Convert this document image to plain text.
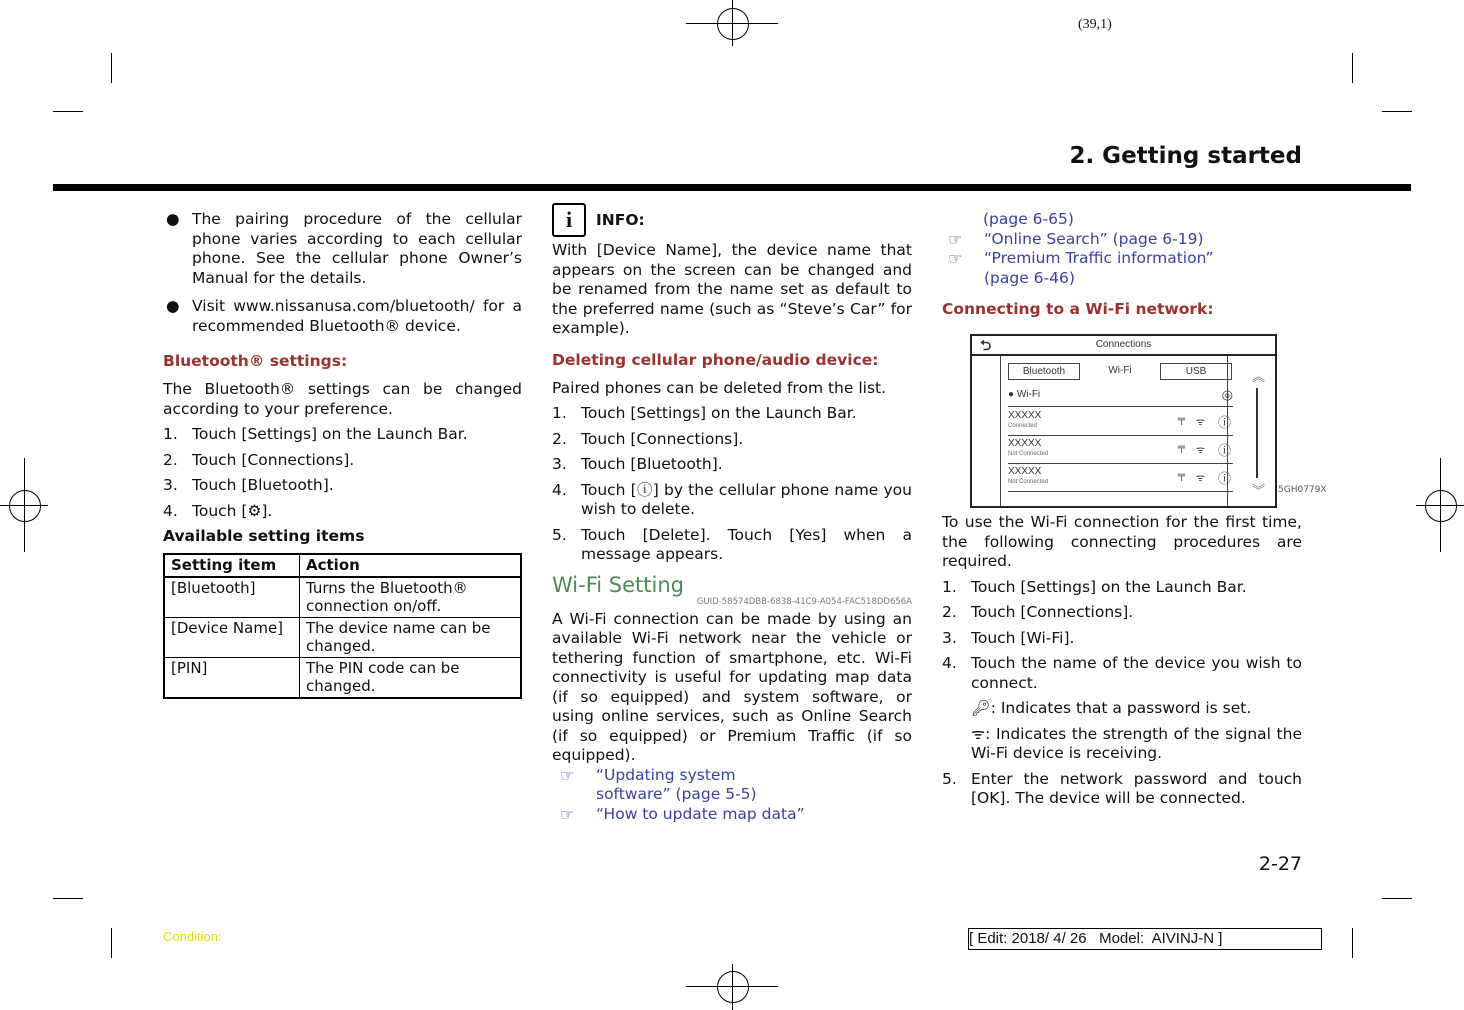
(39,1)
2. Getting started
● The pairing procedure of the cellular phone varies according to each cellular phone. See the cellular phone Owner’s Manual for the details.
● Visit www.nissanusa.com/bluetooth/ for a recommended Bluetooth® device.
Bluetooth® settings:
The Bluetooth® settings can be changed according to your preference.
1. Touch [Settings] on the Launch Bar.
2. Touch [Connections].
3. Touch [Bluetooth].
4. Touch [⚙].
Available setting items
Setting item	Action
[Bluetooth]	Turns the Bluetooth® connection on/off.
[Device Name]	The device name can be changed.
[PIN]	The PIN code can be changed.
i	INFO:
With [Device Name], the device name that appears on the screen can be changed and be renamed from the name set as default to the preferred name (such as “Steve’s Car” for example).
Deleting cellular phone/audio device:
Paired phones can be deleted from the list.
1. Touch [Settings] on the Launch Bar.
2. Touch [Connections].
3. Touch [Bluetooth].
4. Touch [ⓘ] by the cellular phone name you wish to delete.
5. Touch [Delete]. Touch [Yes] when a message appears.
Wi-Fi Setting
GUID-58574DBB-6838-41C9-A054-FAC518DD656A
A Wi-Fi connection can be made by using an available Wi-Fi network near the vehicle or tethering function of smartphone, etc. Wi-Fi connectivity is useful for updating map data (if so equipped) and system software, or using online services, such as Online Search (if so equipped) or Premium Traffic (if so equipped).
☞	“Updating system software” (page 5-5)
☞	“How to update map data”
(page 6-65)
☞	“Online Search” (page 6-19)
☞	“Premium Traffic information” (page 6-46)
Connecting to a Wi-Fi network:
⮌	Connections
Bluetooth	Wi-Fi	USB
● Wi-Fi	◎
XXXXX
Connected
╤ ᯤ ⓘ
XXXXX
Not Connected
╤ ᯤ ⓘ
XXXXX
Not Connected
╤ ᯤ ⓘ
︽
︾ 5GH0779X
To use the Wi-Fi connection for the first time, the following connecting procedures are required.
1. Touch [Settings] on the Launch Bar.
2. Touch [Connections].
3. Touch [Wi-Fi].
4. Touch the name of the device you wish to connect.
🔑︎: Indicates that a password is set.
ᯤ: Indicates the strength of the signal the Wi-Fi device is receiving.
5. Enter the network password and touch [OK]. The device will be connected.
2-27
Condition:	[ Edit: 2018/ 4/ 26   Model:  AIVINJ-N ]
